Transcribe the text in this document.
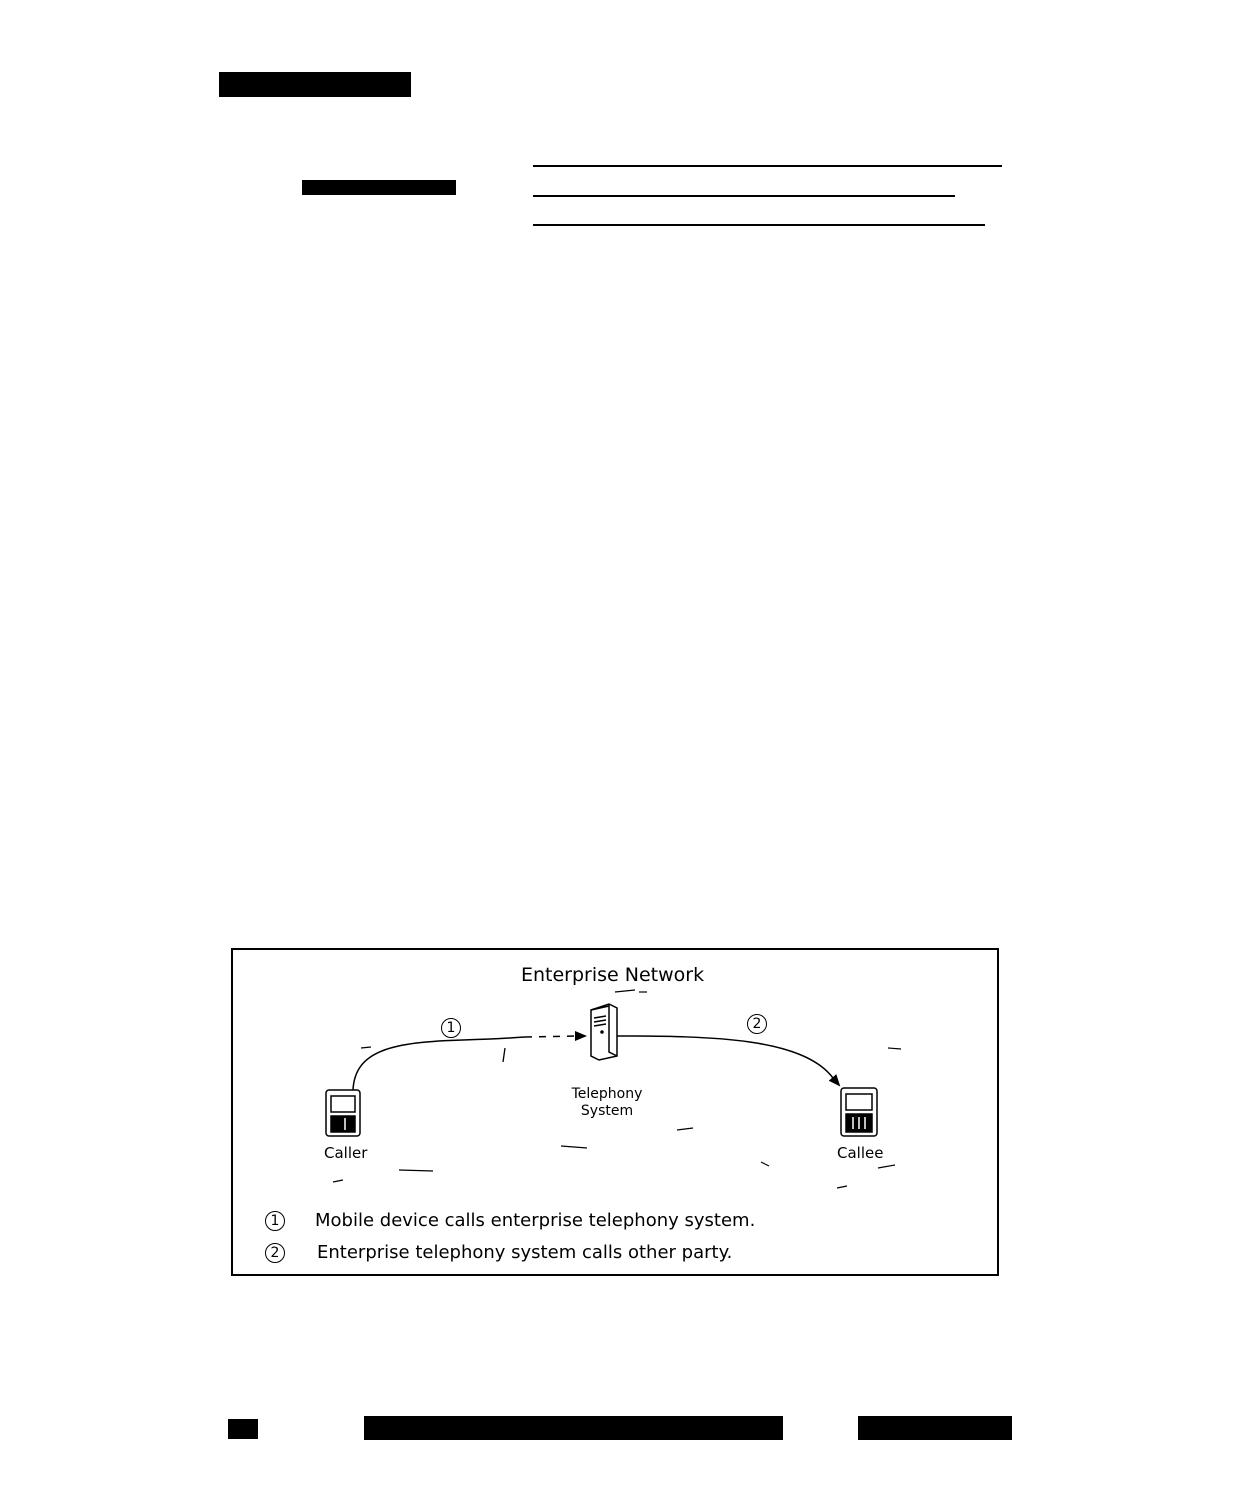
Enterprise Network
1	2
Telephony
System
Caller	Callee
1	Mobile device calls enterprise telephony system.
2	Enterprise telephony system calls other party.
